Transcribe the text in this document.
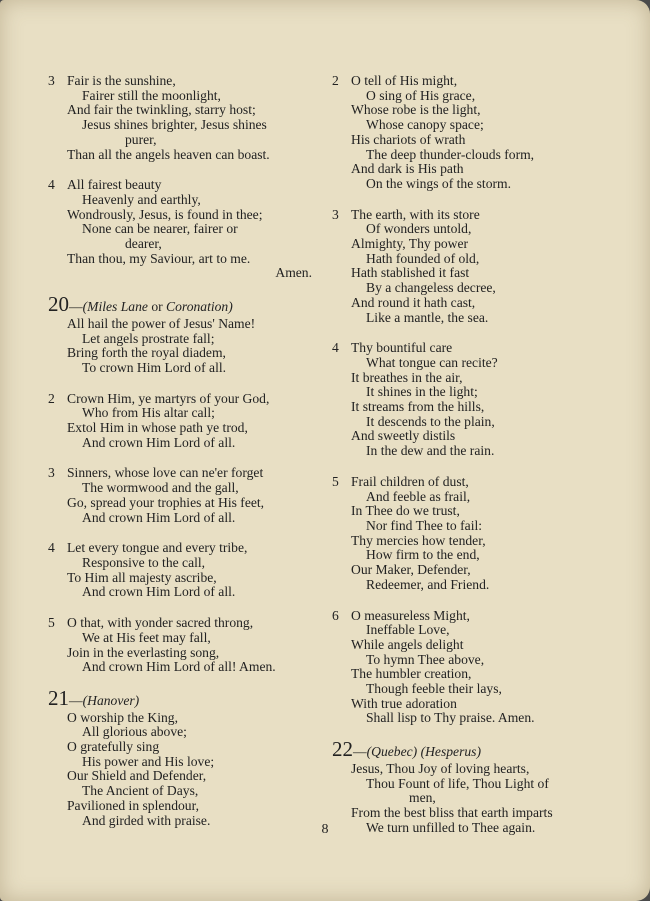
3 Fair is the sunshine,
Fairer still the moonlight,
And fair the twinkling, starry host;
Jesus shines brighter, Jesus shines
purer,
Than all the angels heaven can boast.
4 All fairest beauty
Heavenly and earthly,
Wondrously, Jesus, is found in thee;
None can be nearer, fairer or
dearer,
Than thou, my Saviour, art to me.
Amen.
20—(Miles Lane or Coronation)
All hail the power of Jesus' Name!
Let angels prostrate fall;
Bring forth the royal diadem,
To crown Him Lord of all.
2 Crown Him, ye martyrs of your God,
Who from His altar call;
Extol Him in whose path ye trod,
And crown Him Lord of all.
3 Sinners, whose love can ne'er forget
The wormwood and the gall,
Go, spread your trophies at His feet,
And crown Him Lord of all.
4 Let every tongue and every tribe,
Responsive to the call,
To Him all majesty ascribe,
And crown Him Lord of all.
5 O that, with yonder sacred throng,
We at His feet may fall,
Join in the everlasting song,
And crown Him Lord of all! Amen.
21—(Hanover)
O worship the King,
All glorious above;
O gratefully sing
His power and His love;
Our Shield and Defender,
The Ancient of Days,
Pavilioned in splendour,
And girded with praise.
2 O tell of His might,
O sing of His grace,
Whose robe is the light,
Whose canopy space;
His chariots of wrath
The deep thunder-clouds form,
And dark is His path
On the wings of the storm.
3 The earth, with its store
Of wonders untold,
Almighty, Thy power
Hath founded of old,
Hath stablished it fast
By a changeless decree,
And round it hath cast,
Like a mantle, the sea.
4 Thy bountiful care
What tongue can recite?
It breathes in the air,
It shines in the light;
It streams from the hills,
It descends to the plain,
And sweetly distils
In the dew and the rain.
5 Frail children of dust,
And feeble as frail,
In Thee do we trust,
Nor find Thee to fail:
Thy mercies how tender,
How firm to the end,
Our Maker, Defender,
Redeemer, and Friend.
6 O measureless Might,
Ineffable Love,
While angels delight
To hymn Thee above,
The humbler creation,
Though feeble their lays,
With true adoration
Shall lisp to Thy praise. Amen.
22—(Quebec) (Hesperus)
Jesus, Thou Joy of loving hearts,
Thou Fount of life, Thou Light of
men,
From the best bliss that earth imparts
We turn unfilled to Thee again.
8
